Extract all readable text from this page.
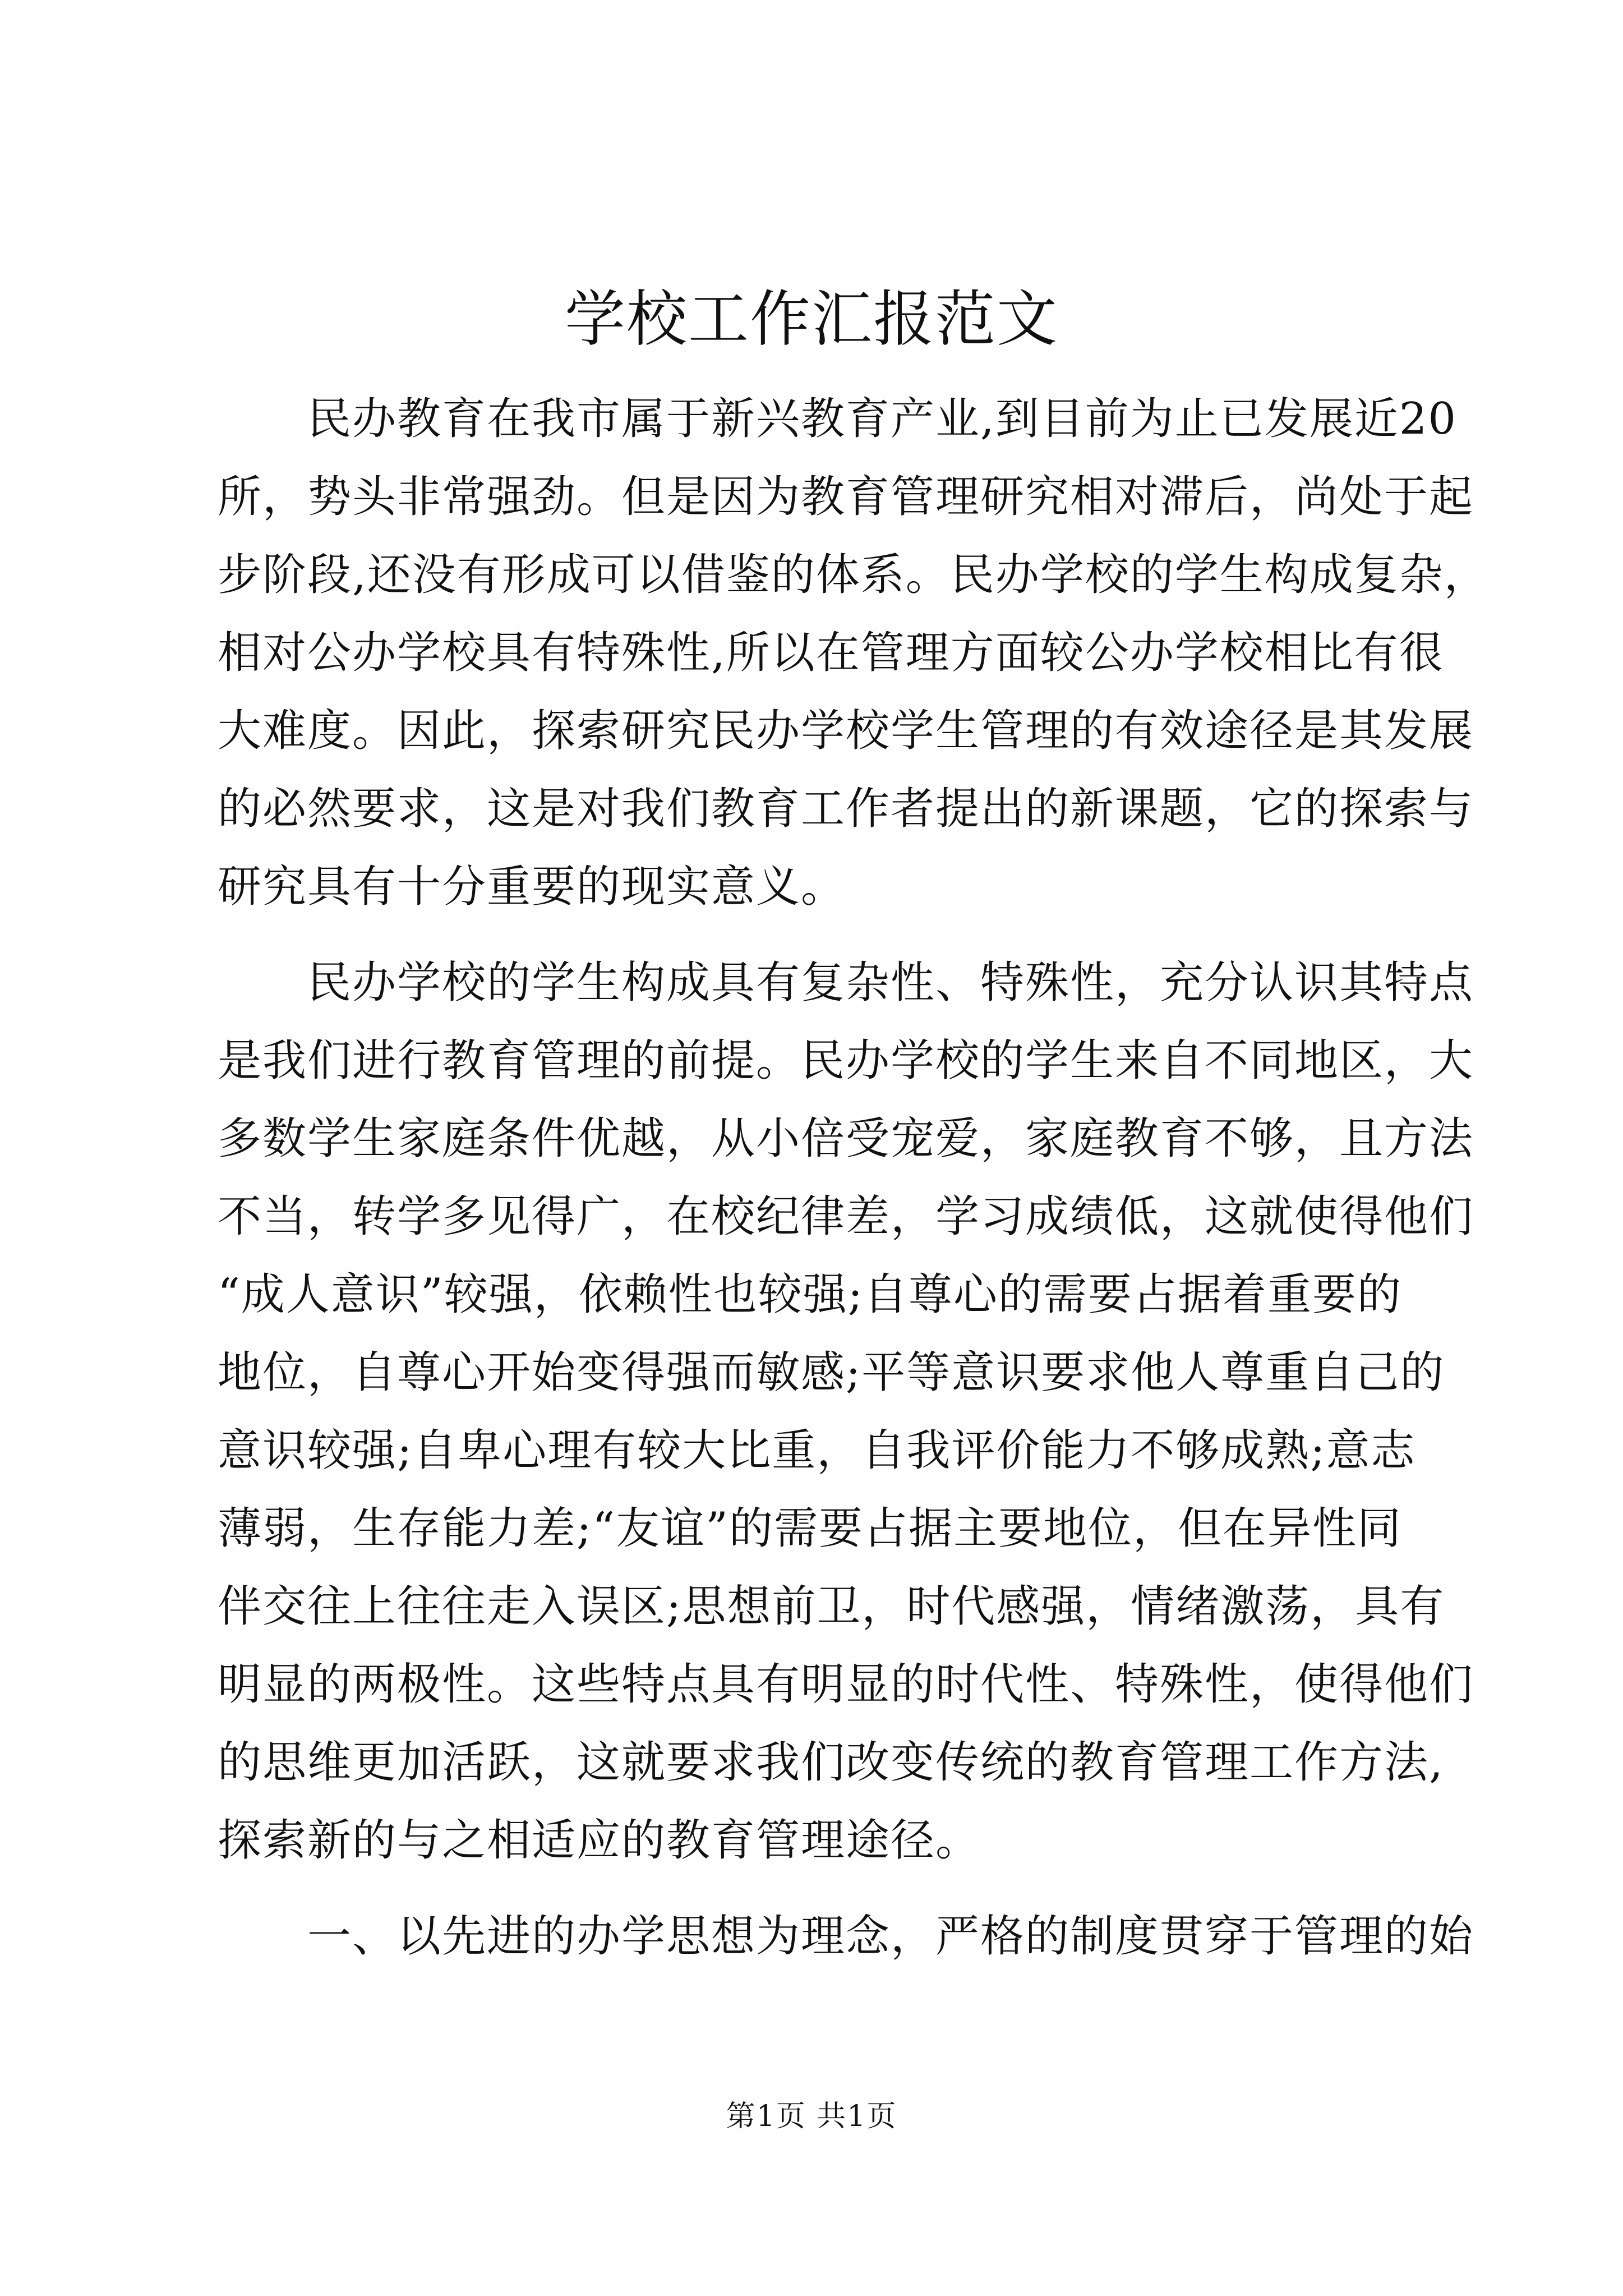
学校工作汇报范文
民办教育在我市属于新兴教育产业,到目前为止已发展近20
所，势头非常强劲。但是因为教育管理研究相对滞后，尚处于起
步阶段,还没有形成可以借鉴的体系。民办学校的学生构成复杂，
相对公办学校具有特殊性,所以在管理方面较公办学校相比有很
大难度。因此，探索研究民办学校学生管理的有效途径是其发展
的必然要求，这是对我们教育工作者提出的新课题，它的探索与
研究具有十分重要的现实意义。
民办学校的学生构成具有复杂性、特殊性，充分认识其特点
是我们进行教育管理的前提。民办学校的学生来自不同地区，大
多数学生家庭条件优越，从小倍受宠爱，家庭教育不够，且方法
不当，转学多见得广，在校纪律差，学习成绩低，这就使得他们
“成人意识”较强，依赖性也较强;自尊心的需要占据着重要的
地位，自尊心开始变得强而敏感;平等意识要求他人尊重自己的
意识较强;自卑心理有较大比重，自我评价能力不够成熟;意志
薄弱，生存能力差;“友谊”的需要占据主要地位，但在异性同
伴交往上往往走入误区;思想前卫，时代感强，情绪激荡，具有
明显的两极性。这些特点具有明显的时代性、特殊性，使得他们
的思维更加活跃，这就要求我们改变传统的教育管理工作方法,
探索新的与之相适应的教育管理途径。
一、以先进的办学思想为理念，严格的制度贯穿于管理的始
第1页 共1页
